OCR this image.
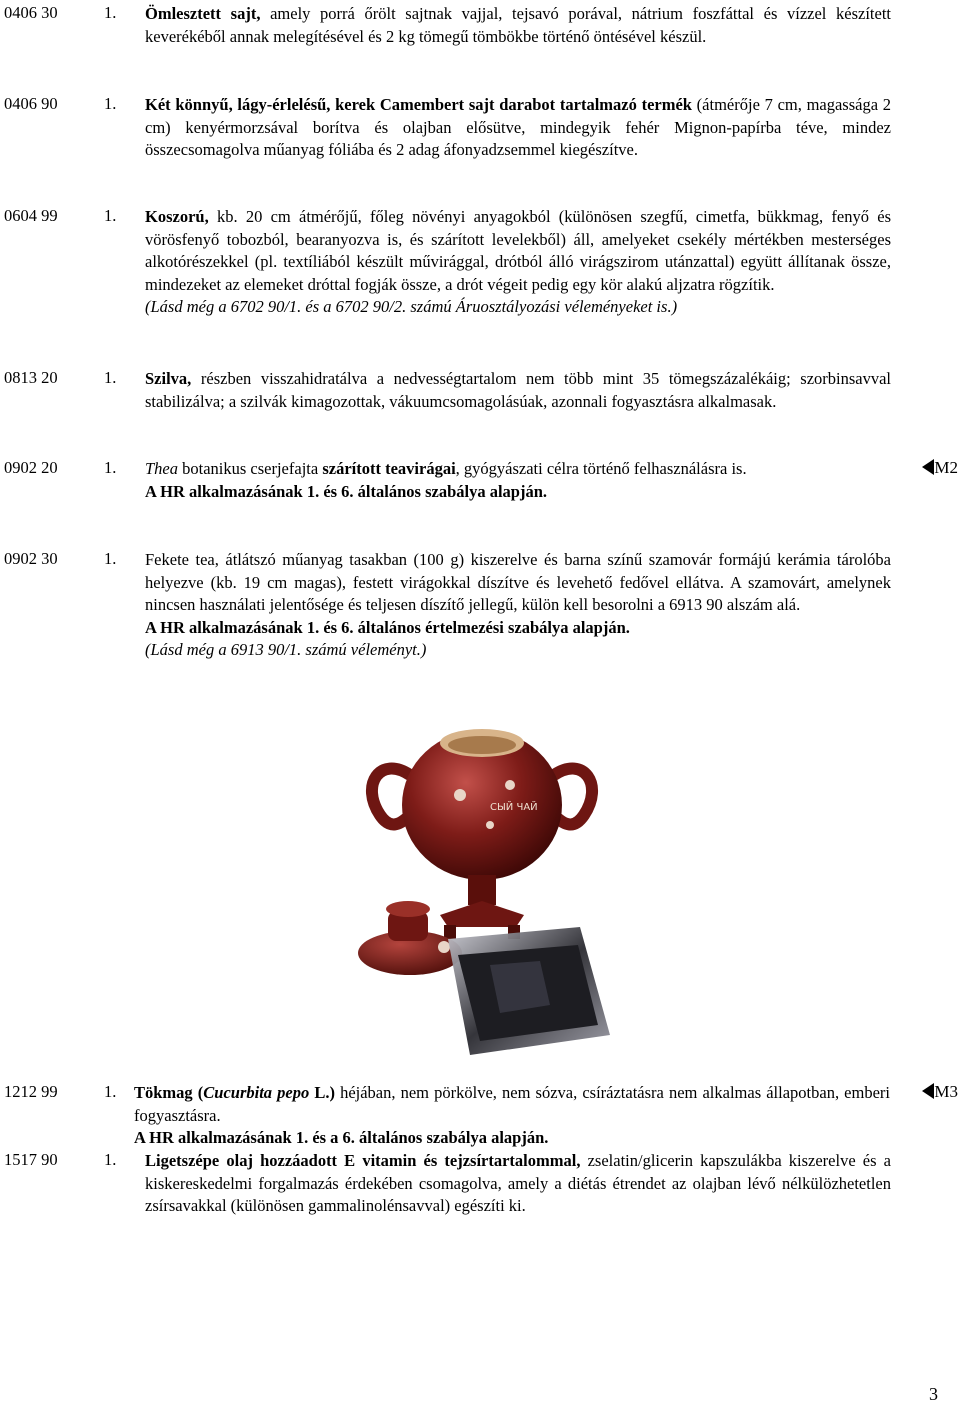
0406 30	1. Ömlesztett sajt, amely porrá őrölt sajtnak vajjal, tejsavó porával, nátrium foszfáttal és vízzel készített keverékéből annak melegítésével és 2 kg tömegű tömbökbe történő öntésével készül.

0406 90	1. Két könnyű, lágy-érlelésű, kerek Camembert sajt darabot tartalmazó termék (átmérője 7 cm, magassága 2 cm) kenyérmorzsával borítva és olajban elősütve, mindegyik fehér Mignon-papírba téve, mindez összecsomagolva műanyag fóliába és 2 adag áfonyadzsemmel kiegészítve.

0604 99	1. Koszorú, kb. 20 cm átmérőjű, főleg növényi anyagokból (különösen szegfű, cimetfa, bükkmag, fenyő és vörösfenyő tobozból, bearanyozva is, és szárított levelekből) áll, amelyeket csekély mértékben mesterséges alkotórészekkel (pl. textíliából készült művirággal, drótból álló virágszirom utánzattal) együtt állítanak össze, mindezeket az elemeket dróttal fogják össze, a drót végeit pedig egy kör alakú aljzatra rögzítik.

(Lásd még a 6702 90/1. és a 6702 90/2. számú Áruosztályozási véleményeket is.)

0813 20	1. Szilva, részben visszahidratálva a nedvességtartalom nem több mint 35 tömegszázalékáig; szorbinsavval stabilizálva; a szilvák kimagozottak, vákuumcsomagolásúak, azonnali fogyasztásra alkalmasak.

0902 20	1. Thea botanikus cserjefajta szárított teavirágai, gyógyászati célra történő felhasználásra is.

A HR alkalmazásának 1. és 6. általános szabálya alapján.

M2
0902 30	1. Fekete tea, átlátszó műanyag tasakban (100 g) kiszerelve és barna színű szamovár formájú kerámia tárolóba helyezve (kb. 19 cm magas), festett virágokkal díszítve és levehető fedővel ellátva. A szamovárt, amelynek nincsen használati jelentősége és teljesen díszítő jellegű, külön kell besorolni a 6913 90 alszám alá.

A HR alkalmazásának 1. és 6. általános értelmezési szabálya alapján.

(Lásd még a 6913 90/1. számú véleményt.)

СЫЙ ЧАЙ
1212 99	1. Tökmag (Cucurbita pepo L.) héjában, nem pörkölve, nem sózva, csíráztatásra nem alkalmas állapotban, emberi fogyasztásra.

A HR alkalmazásának 1. és a 6. általános szabálya alapján.

M3
1517 90	1. Ligetszépe olaj hozzáadott E vitamin és tejzsírtartalommal, zselatin/glicerin kapszulákba kiszerelve és a kiskereskedelmi forgalmazás érdekében csomagolva, amely a diétás étrendet az olajban lévő nélkülözhetetlen zsírsavakkal (különösen gammalinolénsavval) egészíti ki.

3
